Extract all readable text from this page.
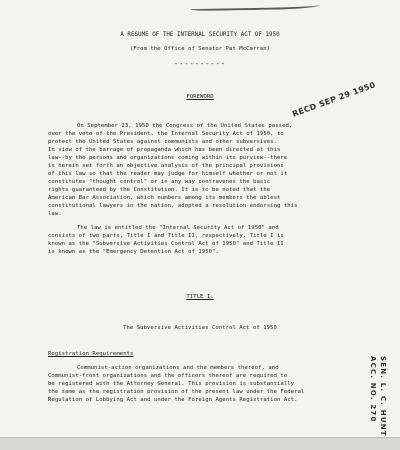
A RESUME OF THE INTERNAL SECURITY ACT OF 1950
(From the Office of Senator Pat McCarran)
----------
FOREWORD	RECD SEP 29 1950
On September 23, 1950 the Congress of the United States passed,
over the veto of the President, the Internal Security Act of 1950, to
protect the United States against communists and other subversives.
In view of the barrage of propaganda which has been directed at this
law--by the persons and organizations coming within its purview--there
is herein set forth an objective analysis of the principal provisions
of this law so that the reader may judge for himself whether or not it
constitutes "thought control" or in any way contravenes the basic
rights guaranteed by the Constitution. It is to be noted that the
American Bar Association, which numbers among its members the ablest
constitutional lawyers in the nation, adopted a resolution endorsing this
law.
The law is entitled the "Internal Security Act of 1950" and
consists of two parts, Title I and Title II, respectively. Title I is
known as the "Subversive Activities Control Act of 1950" and Title II
is known as the "Emergency Detention Act of 1950".
TITLE I.
The Subversive Activities Control Act of 1950
Registration Requirements
Communist-action organizations and the members thereof, and
Communist-front organizations and the officers thereof are required to
be registered with the Attorney General. This provision is substantially
the same as the registration provision of the present law under the Federal
Regulation of Lobbying Act and under the Foreign Agents Registration Act.	SEN. L. C. HUNT
ACC. NO. 270
